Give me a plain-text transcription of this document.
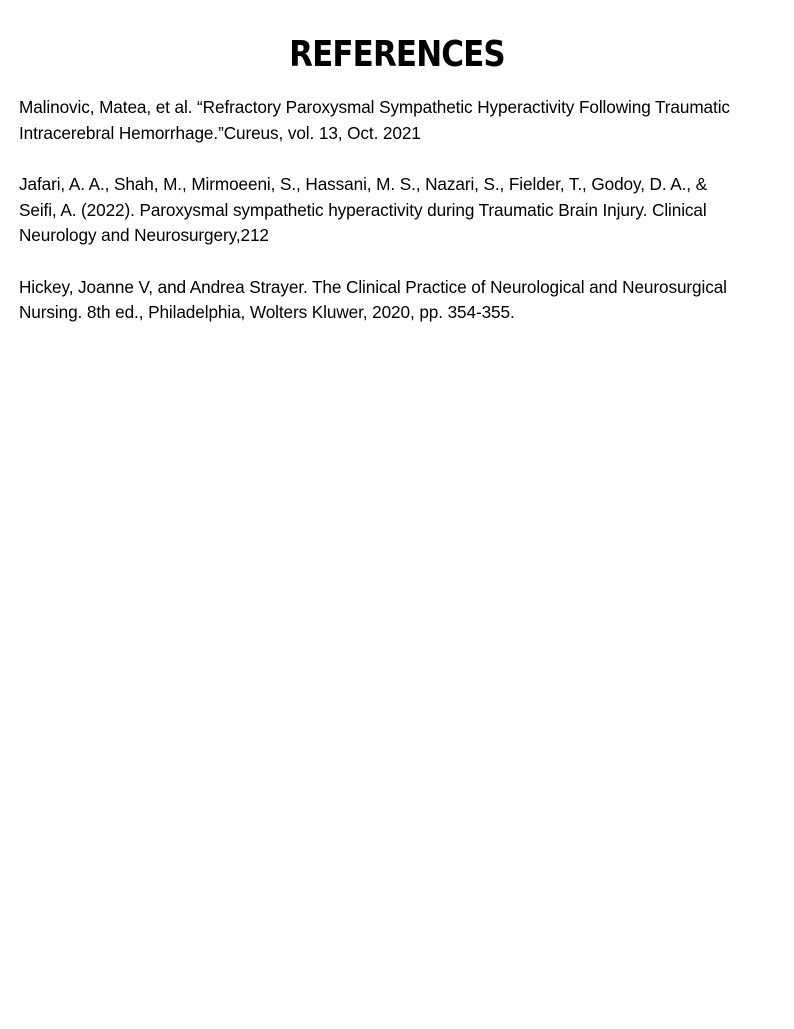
REFERENCES
Malinovic, Matea, et al. “Refractory Paroxysmal Sympathetic Hyperactivity Following Traumatic
Intracerebral Hemorrhage.”Cureus, vol. 13, Oct. 2021
Jafari, A. A., Shah, M., Mirmoeeni, S., Hassani, M. S., Nazari, S., Fielder, T., Godoy, D. A., &
Seifi, A. (2022). Paroxysmal sympathetic hyperactivity during Traumatic Brain Injury. Clinical
Neurology and Neurosurgery,212
Hickey, Joanne V, and Andrea Strayer. The Clinical Practice of Neurological and Neurosurgical
Nursing. 8th ed., Philadelphia, Wolters Kluwer, 2020, pp. 354-355.
